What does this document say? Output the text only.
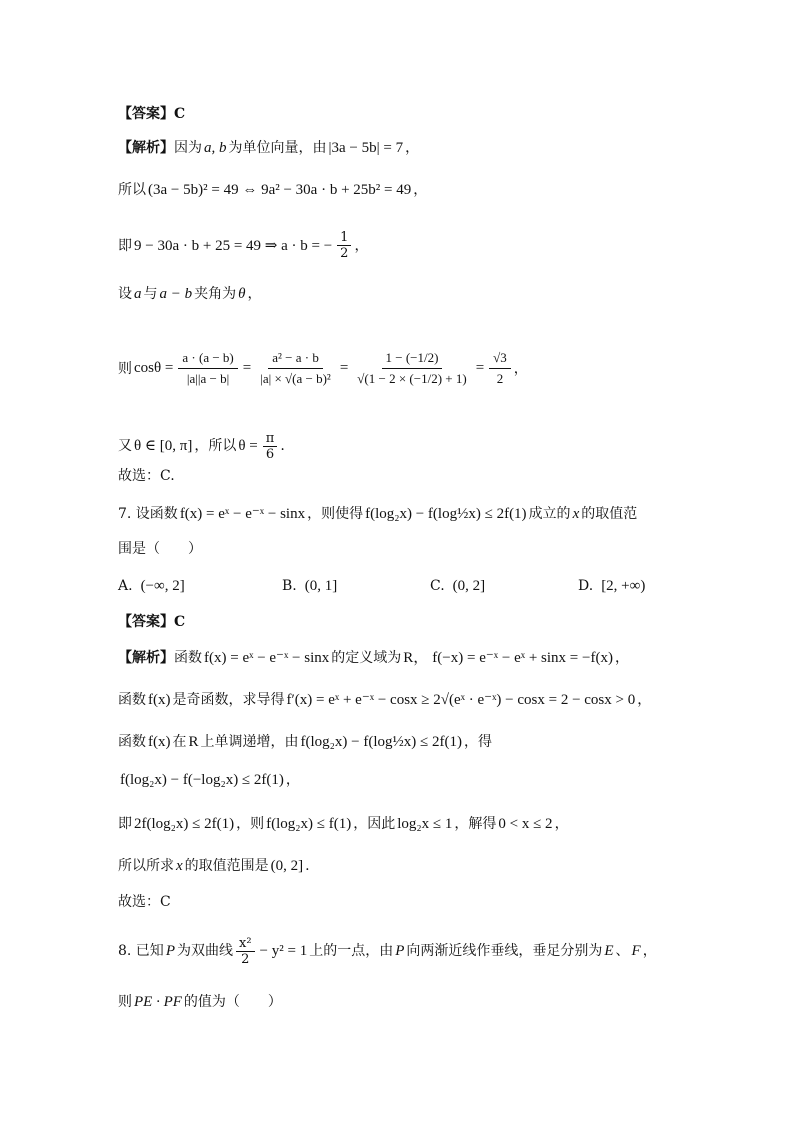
【答案】C
【解析】 因为 a, b 为单位向量，由 |3a − 5b| = 7 ，
所以 (3a − 5b)² = 49 ⇔ 9a² − 30a · b + 25b² = 49 ，
即 9 − 30a · b + 25 = 49 ⇒ a · b = − $\frac{1}{2}$ ，
设 a 与 a − b 夹角为 θ ，
则 $\cos\theta = \frac{a \cdot (a - b)}{|a||a - b|} = \frac{\text{a² − a · b}}{\text{|a| × √(a − b)²}} = \frac{1 - (-1/2)}{√(1 - 2 \times (-1/2) + 1)} = \frac{√3}{2}$ ，
又 θ ∈ [0, π] ，所以 $\theta = \frac{\pi}{6}$ .
故选：C.
7. 设函数 f(x) = eˣ − e⁻ˣ − sinx ，则使得 f(log₂x) − f(log½x) ≤ 2f(1) 成立的 x 的取值范
围是（　　）
A. (−∞, 2]	B. (0, 1]	C. (0, 2]	D. [2, +∞)
【答案】C
【解析】 函数 f(x) = eˣ − e⁻ˣ − sinx 的定义域为 R， f(−x) = e⁻ˣ − eˣ + sinx = −f(x) ，
函数 f(x) 是奇函数，求导得 f′(x) = eˣ + e⁻ˣ − cosx ≥ 2√(eˣ · e⁻ˣ) − cosx = 2 − cosx > 0 ，
函数 f(x) 在 R 上单调递增，由 f(log₂x) − f(log½x) ≤ 2f(1) ，得
f(log₂x) − f(−log₂x) ≤ 2f(1) ，
即 2f(log₂x) ≤ 2f(1) ，则 f(log₂x) ≤ f(1) ，因此 log₂x ≤ 1 ，解得 0 < x ≤ 2 ，
所以所求 x 的取值范围是 (0, 2] .
故选：C
8. 已知 P 为双曲线 $\frac{\text{x²}}{2} - y^2 = 1$ 上的一点，由 P 向两渐近线作垂线，垂足分别为 E 、 F ，
则 PE · PF 的值为（　　）
